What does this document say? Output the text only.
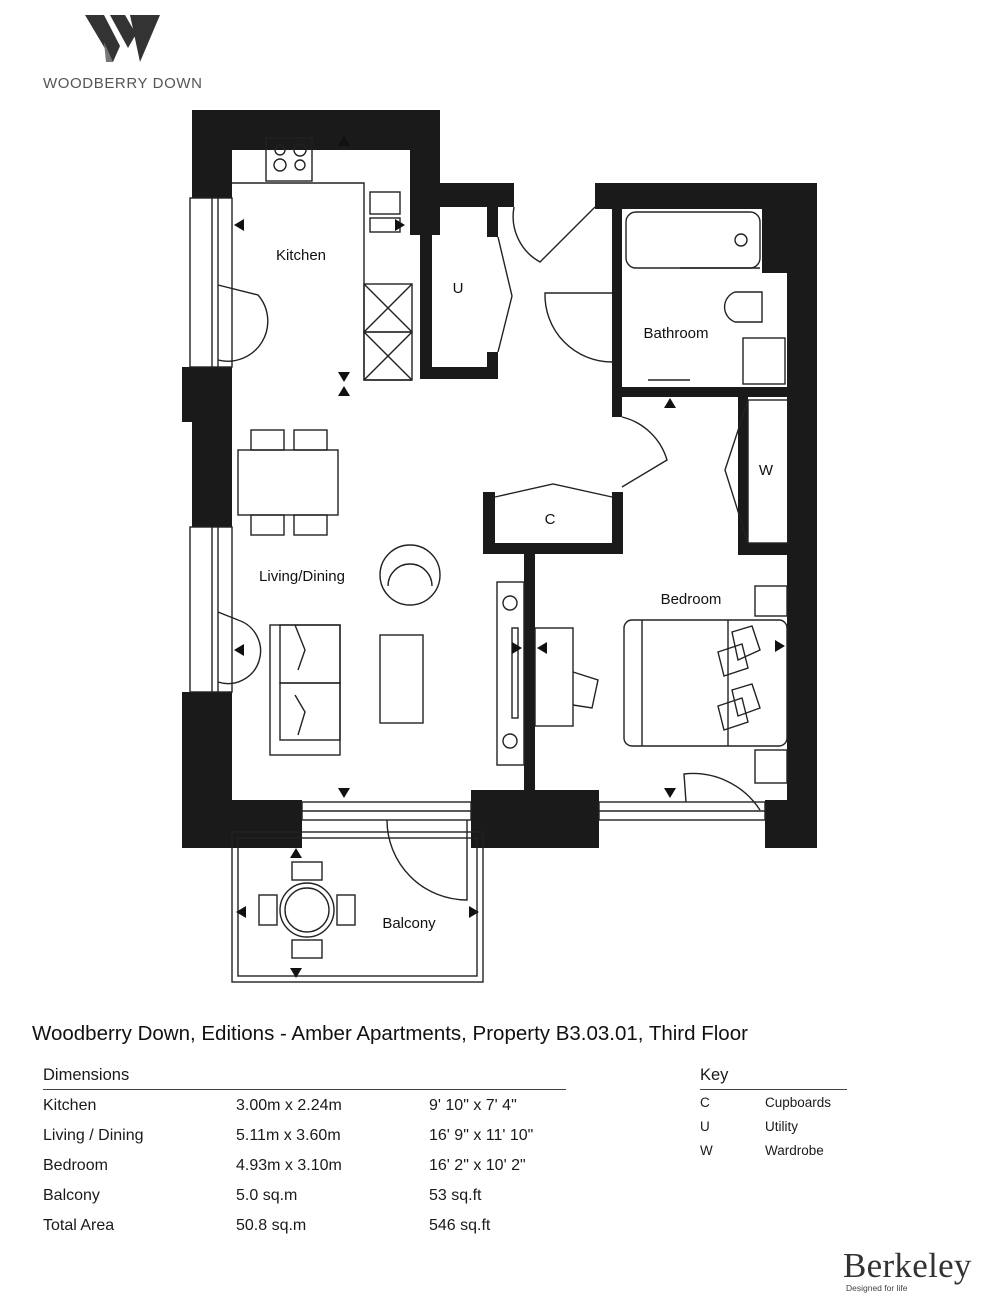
WOODBERRY DOWN
Kitchen
U
Bathroom
W
C
Living/Dining
Bedroom
Balcony
Woodberry Down, Editions - Amber Apartments, Property B3.03.01, Third Floor
Dimensions
Kitchen	3.00m x 2.24m	9' 10" x 7' 4"
Living / Dining	5.11m x 3.60m	16' 9" x 11' 10"
Bedroom	4.93m x 3.10m	16' 2" x 10' 2"
Balcony	5.0 sq.m	53 sq.ft
Total Area	50.8 sq.m	546 sq.ft
Key
C	Cupboards
U	Utility
W	Wardrobe
Berkeley
Designed for life
